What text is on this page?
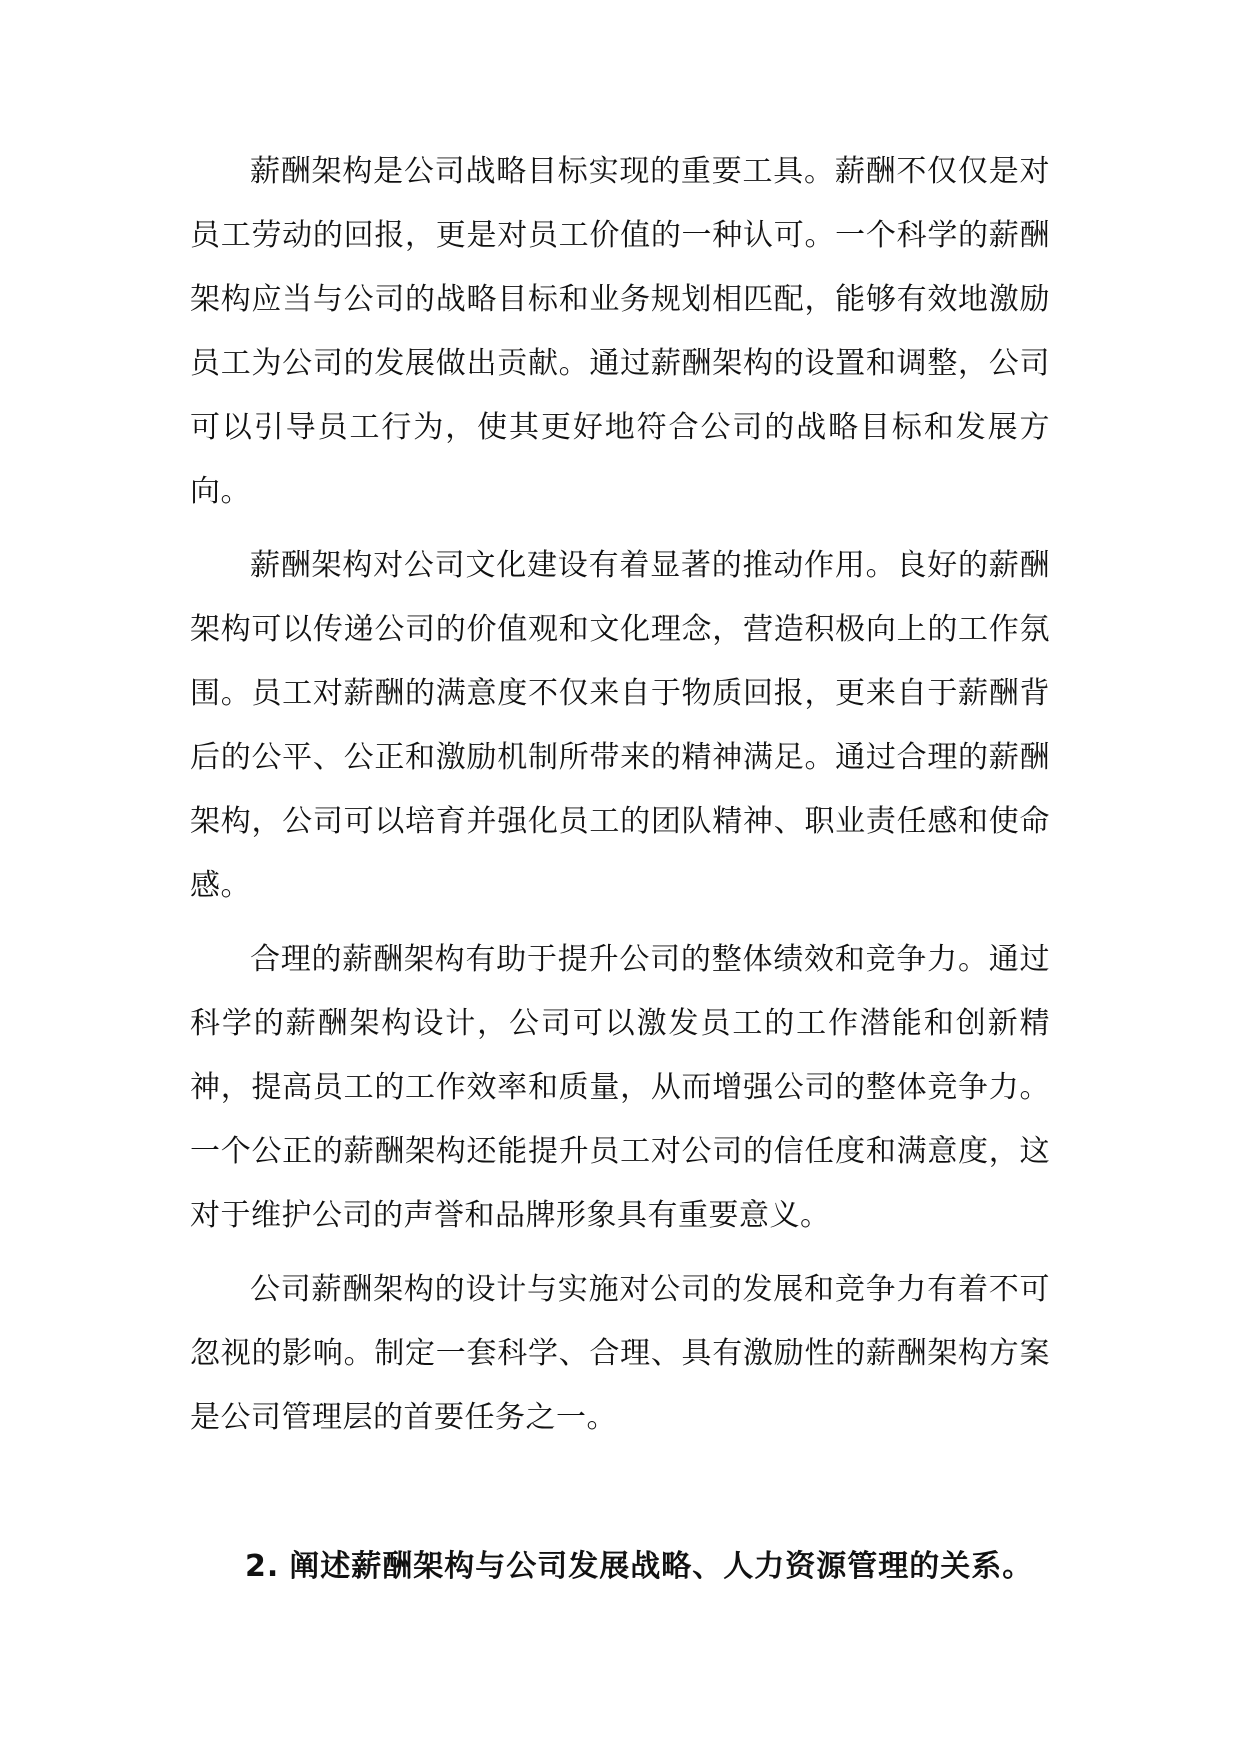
薪酬架构是公司战略目标实现的重要工具。薪酬不仅仅是对员工劳动的回报，更是对员工价值的一种认可。一个科学的薪酬架构应当与公司的战略目标和业务规划相匹配，能够有效地激励员工为公司的发展做出贡献。通过薪酬架构的设置和调整，公司可以引导员工行为，使其更好地符合公司的战略目标和发展方向。

薪酬架构对公司文化建设有着显著的推动作用。良好的薪酬架构可以传递公司的价值观和文化理念，营造积极向上的工作氛围。员工对薪酬的满意度不仅来自于物质回报，更来自于薪酬背后的公平、公正和激励机制所带来的精神满足。通过合理的薪酬架构，公司可以培育并强化员工的团队精神、职业责任感和使命感。

合理的薪酬架构有助于提升公司的整体绩效和竞争力。通过科学的薪酬架构设计，公司可以激发员工的工作潜能和创新精神，提高员工的工作效率和质量，从而增强公司的整体竞争力。一个公正的薪酬架构还能提升员工对公司的信任度和满意度，这对于维护公司的声誉和品牌形象具有重要意义。

公司薪酬架构的设计与实施对公司的发展和竞争力有着不可忽视的影响。制定一套科学、合理、具有激励性的薪酬架构方案是公司管理层的首要任务之一。

2. 阐述薪酬架构与公司发展战略、人力资源管理的关系。
